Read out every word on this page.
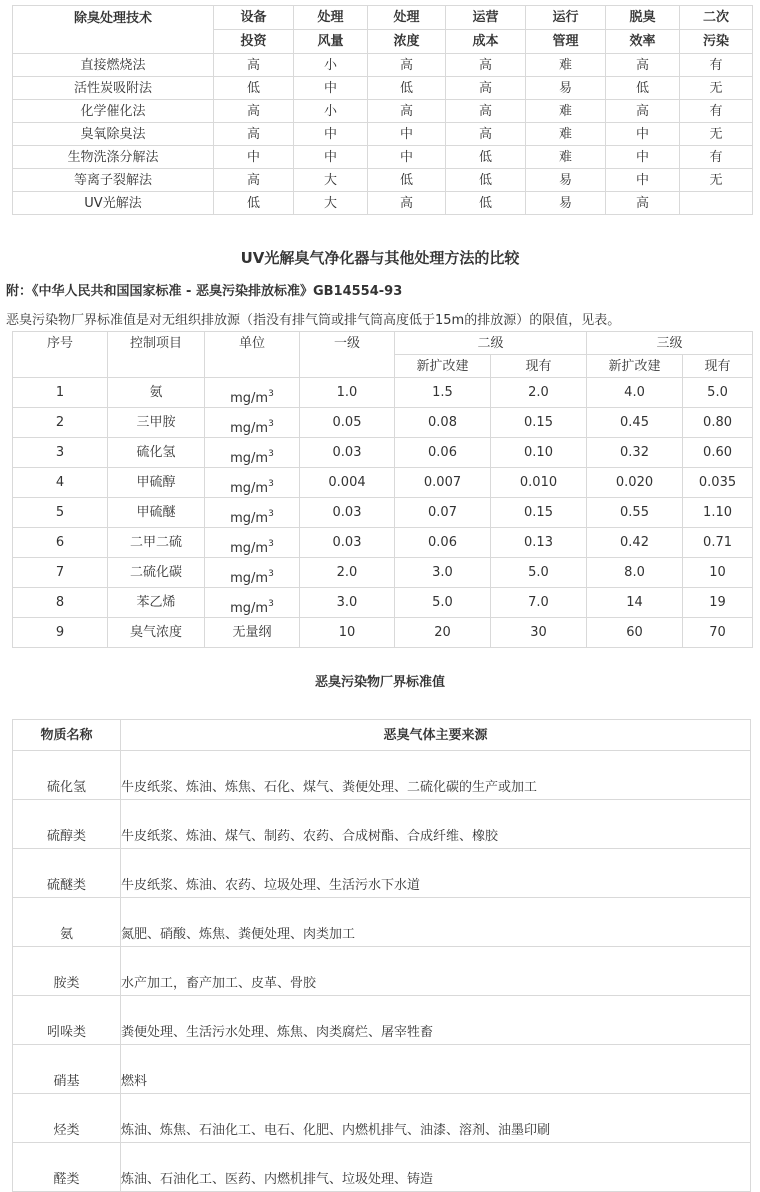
除臭处理技术	设备	处理	处理	运营	运行	脱臭	二次
	投资	风量	浓度	成本	管理	效率	污染
直接燃烧法	高	小	高	高	难	高	有
活性炭吸附法	低	中	低	高	易	低	无
化学催化法	高	小	高	高	难	高	有
臭氧除臭法	高	中	中	高	难	中	无
生物洗涤分解法	中	中	中	低	难	中	有
等离子裂解法	高	大	低	低	易	中	无
UV光解法	低	大	高	低	易	高	
UV光解臭气净化器与其他处理方法的比较
附：《中华人民共和国国家标准 - 恶臭污染排放标准》GB14554-93
恶臭污染物厂界标准值是对无组织排放源（指没有排气筒或排气筒高度低于15m的排放源）的限值，见表。
序号	控制项目	单位	一级	二级		三级	
				新扩改建	现有	新扩改建	现有
1	氨	$mg/m^3$	1.0	1.5	2.0	4.0	5.0
2	三甲胺	$mg/m^3$	0.05	0.08	0.15	0.45	0.80
3	硫化氢	$mg/m^3$	0.03	0.06	0.10	0.32	0.60
4	甲硫醇	$mg/m^3$	0.004	0.007	0.010	0.020	0.035
5	甲硫醚	$mg/m^3$	0.03	0.07	0.15	0.55	1.10
6	二甲二硫	$mg/m^3$	0.03	0.06	0.13	0.42	0.71
7	二硫化碳	$mg/m^3$	2.0	3.0	5.0	8.0	10
8	苯乙烯	$mg/m^3$	3.0	5.0	7.0	14	19
9	臭气浓度	无量纲	10	20	30	60	70
恶臭污染物厂界标准值
物质名称	恶臭气体主要来源
硫化氢	牛皮纸浆、炼油、炼焦、石化、煤气、粪便处理、二硫化碳的生产或加工
硫醇类	牛皮纸浆、炼油、煤气、制药、农药、合成树酯、合成纤维、橡胶
硫醚类	牛皮纸浆、炼油、农药、垃圾处理、生活污水下水道
氨	氮肥、硝酸、炼焦、粪便处理、肉类加工
胺类	水产加工，畜产加工、皮革、骨胶
吲哚类	粪便处理、生活污水处理、炼焦、肉类腐烂、屠宰牲畜
硝基	燃料
烃类	炼油、炼焦、石油化工、电石、化肥、内燃机排气、油漆、溶剂、油墨印刷
醛类	炼油、石油化工、医药、内燃机排气、垃圾处理、铸造
